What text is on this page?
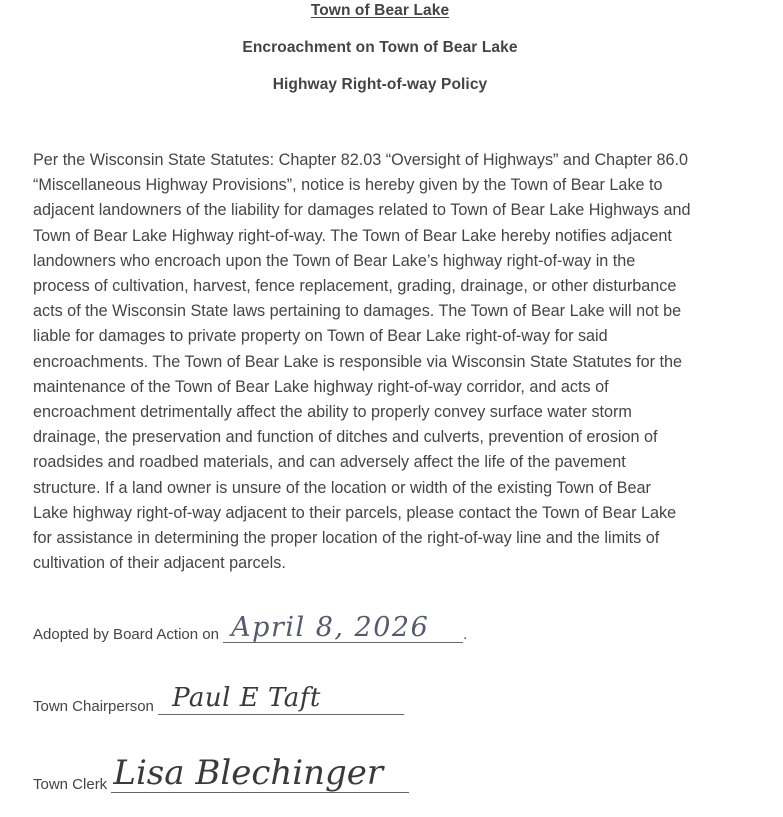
Town of Bear Lake
Encroachment on Town of Bear Lake
Highway Right-of-way Policy
Per the Wisconsin State Statutes: Chapter 82.03 “Oversight of Highways” and Chapter 86.0
“Miscellaneous Highway Provisions”, notice is hereby given by the Town of Bear Lake to
adjacent landowners of the liability for damages related to Town of Bear Lake Highways and
Town of Bear Lake Highway right-of-way. The Town of Bear Lake hereby notifies adjacent
landowners who encroach upon the Town of Bear Lake’s highway right-of-way in the
process of cultivation, harvest, fence replacement, grading, drainage, or other disturbance
acts of the Wisconsin State laws pertaining to damages. The Town of Bear Lake will not be
liable for damages to private property on Town of Bear Lake right-of-way for said
encroachments. The Town of Bear Lake is responsible via Wisconsin State Statutes for the
maintenance of the Town of Bear Lake highway right-of-way corridor, and acts of
encroachment detrimentally affect the ability to properly convey surface water storm
drainage, the preservation and function of ditches and culverts, prevention of erosion of
roadsides and roadbed materials, and can adversely affect the life of the pavement
structure. If a land owner is unsure of the location or width of the existing Town of Bear
Lake highway right-of-way adjacent to their parcels, please contact the Town of Bear Lake
for assistance in determining the proper location of the right-of-way line and the limits of
cultivation of their adjacent parcels.
Adopted by Board Action on April 8, 2026 .
Town Chairperson Paul E Taft
Town Clerk Lisa Blechinger
